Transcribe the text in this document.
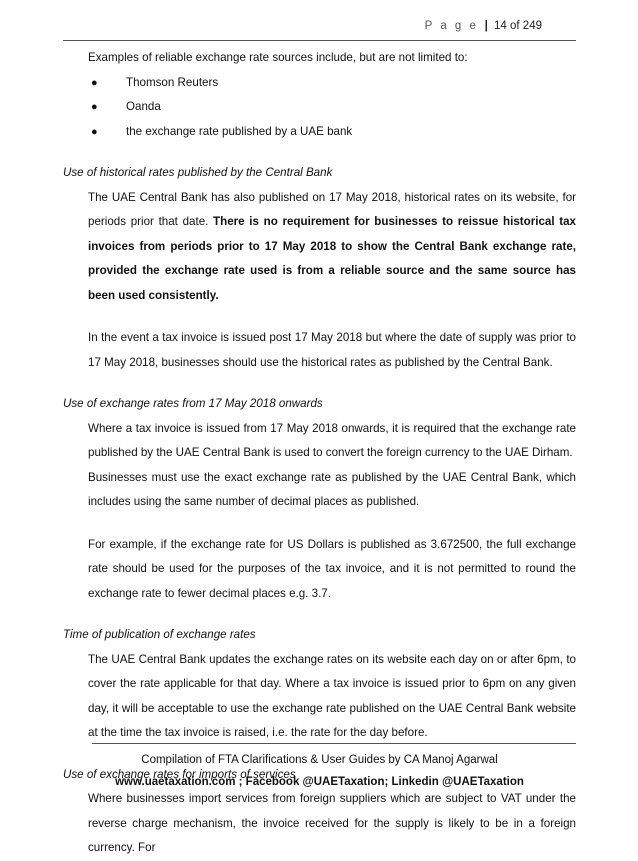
P a g e | 14 of 249
Examples of reliable exchange rate sources include, but are not limited to:
● Thomson Reuters
● Oanda
● the exchange rate published by a UAE bank
Use of historical rates published by the Central Bank
The UAE Central Bank has also published on 17 May 2018, historical rates on its website, for periods prior that date. There is no requirement for businesses to reissue historical tax invoices from periods prior to 17 May 2018 to show the Central Bank exchange rate, provided the exchange rate used is from a reliable source and the same source has been used consistently.
In the event a tax invoice is issued post 17 May 2018 but where the date of supply was prior to 17 May 2018, businesses should use the historical rates as published by the Central Bank.
Use of exchange rates from 17 May 2018 onwards
Where a tax invoice is issued from 17 May 2018 onwards, it is required that the exchange rate published by the UAE Central Bank is used to convert the foreign currency to the UAE Dirham.
Businesses must use the exact exchange rate as published by the UAE Central Bank, which includes using the same number of decimal places as published.
For example, if the exchange rate for US Dollars is published as 3.672500, the full exchange rate should be used for the purposes of the tax invoice, and it is not permitted to round the exchange rate to fewer decimal places e.g. 3.7.
Time of publication of exchange rates
The UAE Central Bank updates the exchange rates on its website each day on or after 6pm, to cover the rate applicable for that day. Where a tax invoice is issued prior to 6pm on any given day, it will be acceptable to use the exchange rate published on the UAE Central Bank website at the time the tax invoice is raised, i.e. the rate for the day before.
Use of exchange rates for imports of services
Where businesses import services from foreign suppliers which are subject to VAT under the reverse charge mechanism, the invoice received for the supply is likely to be in a foreign currency. For
Compilation of FTA Clarifications & User Guides by CA Manoj Agarwal
www.uaetaxation.com ; Facebook @UAETaxation; Linkedin @UAETaxation
